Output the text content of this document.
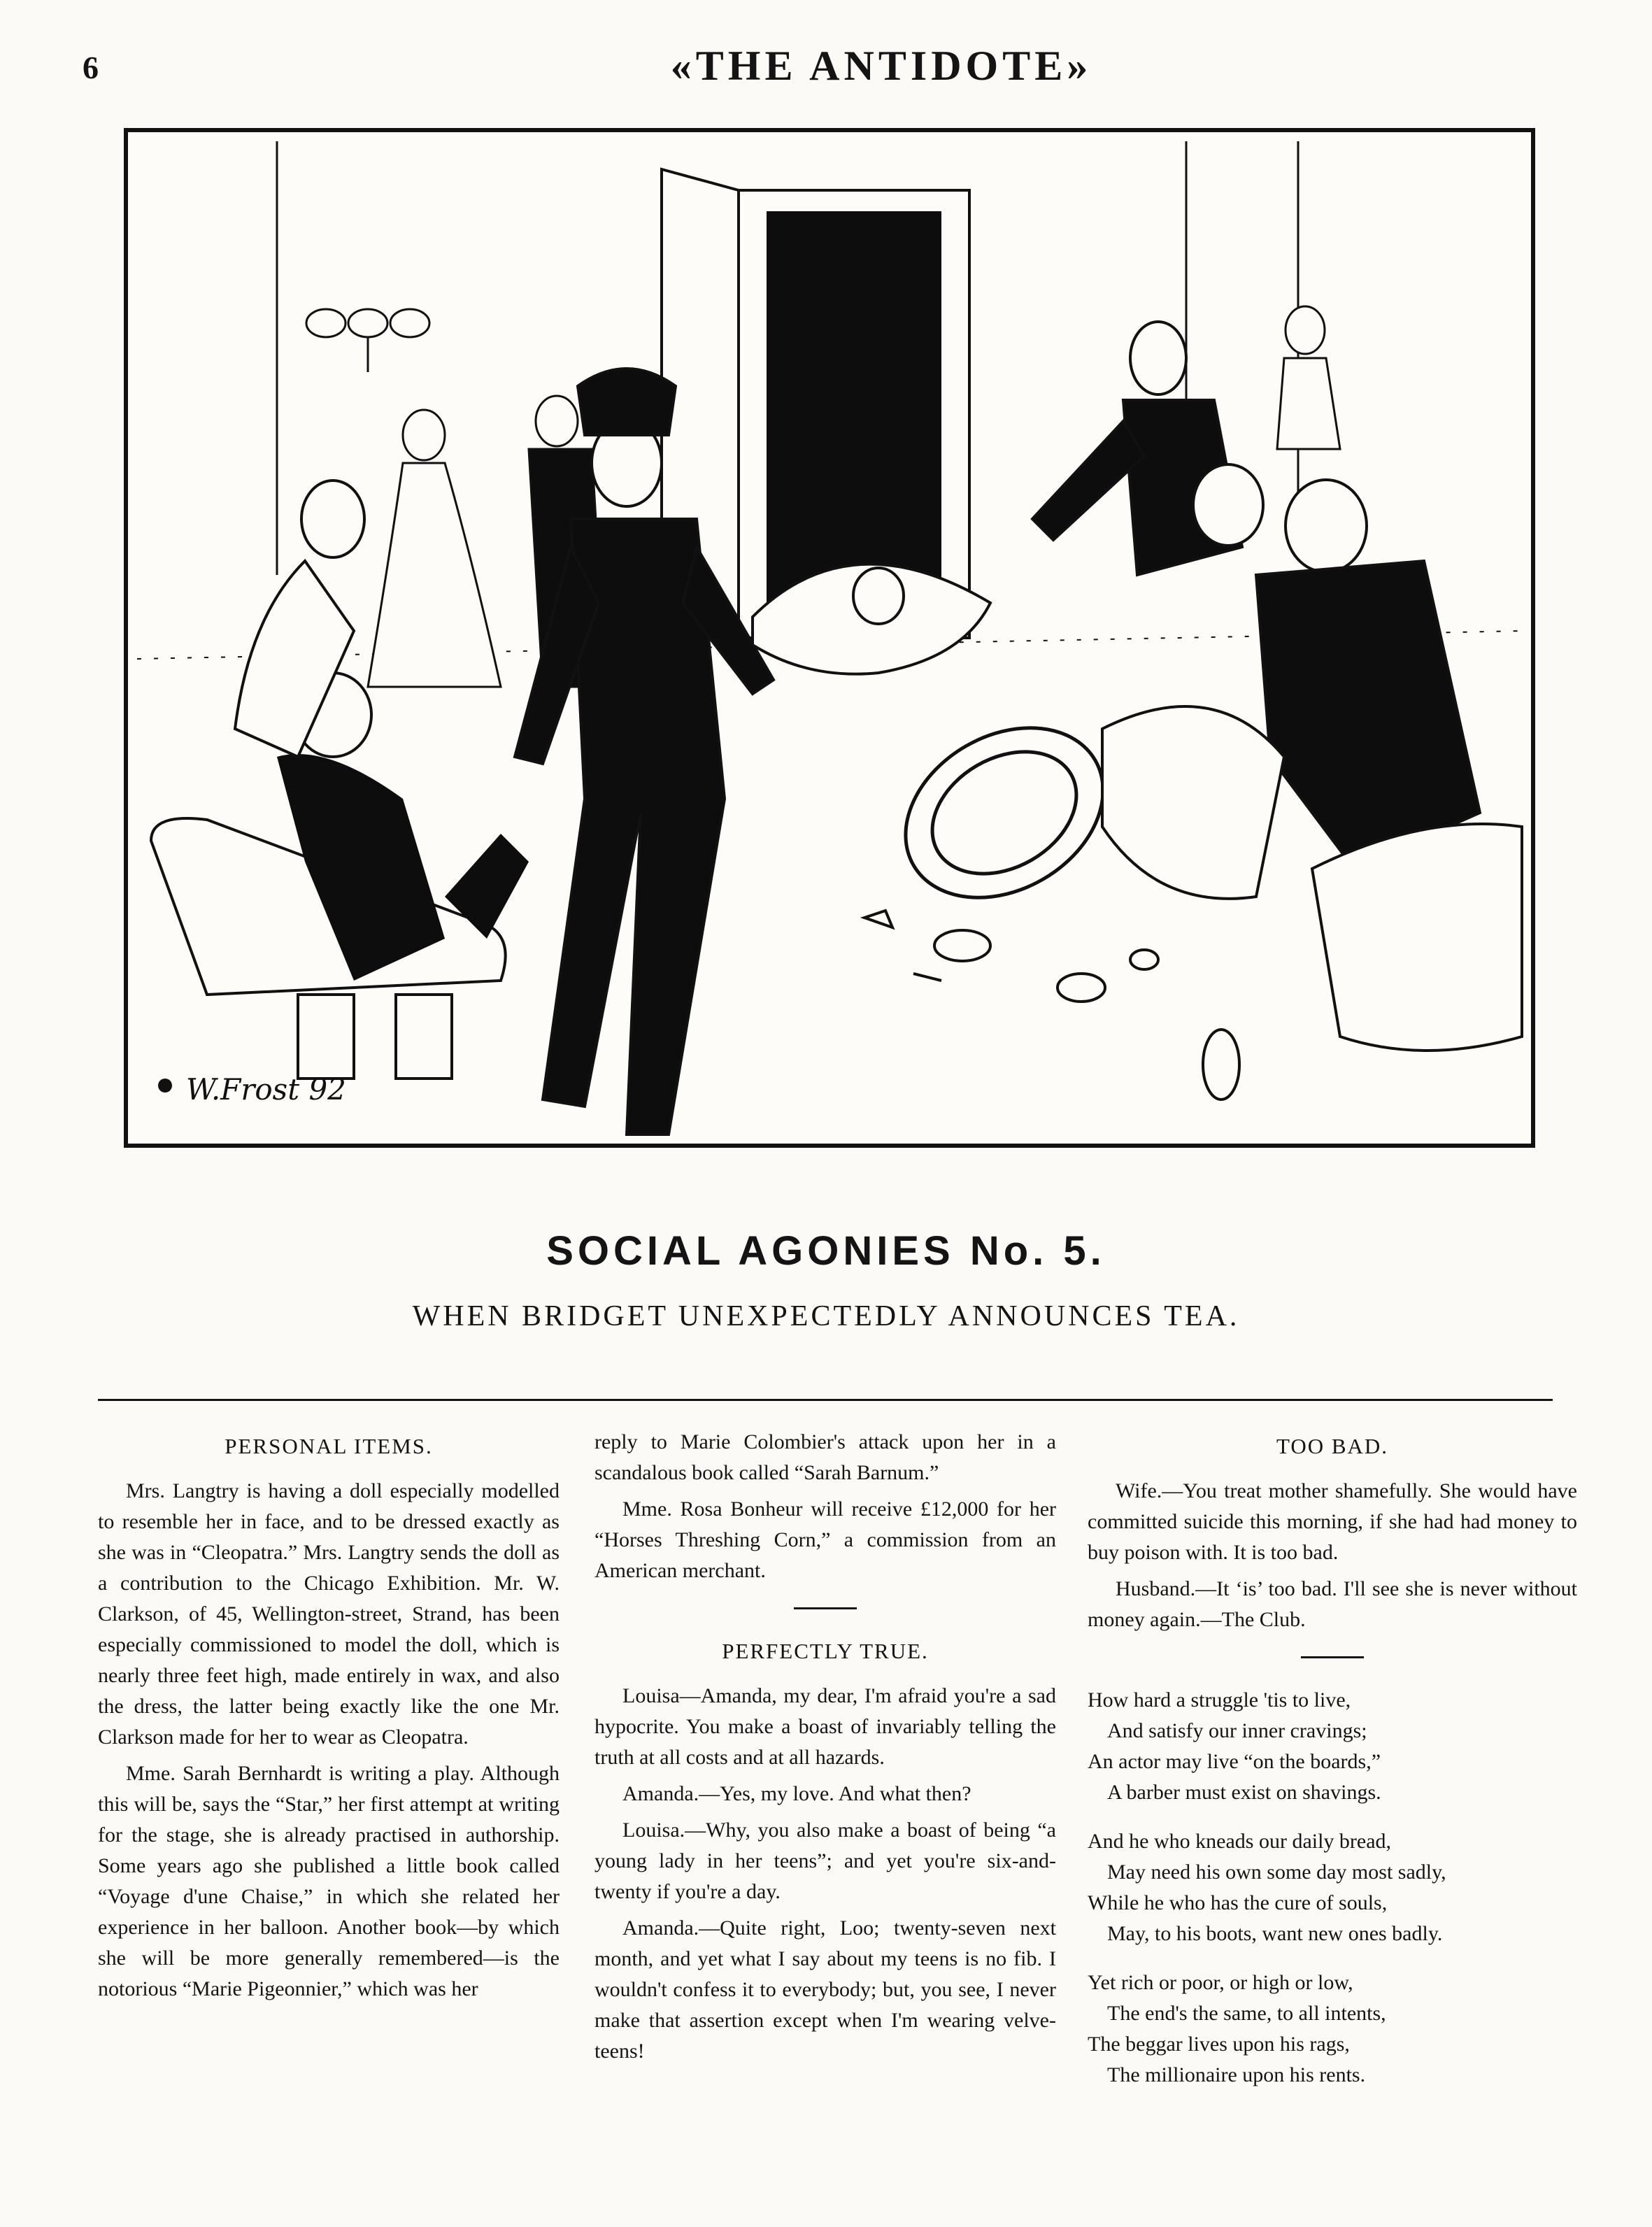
6	«THE ANTIDOTE»
W.Frost 92
SOCIAL AGONIES No. 5.
WHEN BRIDGET UNEXPECTEDLY ANNOUNCES TEA.
PERSONAL ITEMS.

Mrs. Langtry is having a doll especially modelled to resemble her in face, and to be dressed exactly as she was in “Cleopatra.” Mrs. Langtry sends the doll as a contribution to the Chicago Exhibition. Mr. W. Clarkson, of 45, Wellington-street, Strand, has been especially commissioned to model the doll, which is nearly three feet high, made entirely in wax, and also the dress, the latter being exactly like the one Mr. Clarkson made for her to wear as Cleopatra.

Mme. Sarah Bernhardt is writing a play. Although this will be, says the “Star,” her first attempt at writing for the stage, she is already practised in authorship. Some years ago she published a little book called “Voyage d'une Chaise,” in which she related her experience in her balloon. Another book—by which she will be more generally remembered—is the notorious “Marie Pigeonnier,” which was her

reply to Marie Colombier's attack upon her in a scandalous book called “Sarah Barnum.”

Mme. Rosa Bonheur will receive £12,000 for her “Horses Threshing Corn,” a commission from an American merchant.

PERFECTLY TRUE.

Louisa—Amanda, my dear, I'm afraid you're a sad hypocrite. You make a boast of invariably telling the truth at all costs and at all hazards.

Amanda.—Yes, my love. And what then?

Louisa.—Why, you also make a boast of being “a young lady in her teens”; and yet you're six-and-twenty if you're a day.

Amanda.—Quite right, Loo; twenty-seven next month, and yet what I say about my teens is no fib. I wouldn't confess it to everybody; but, you see, I never make that assertion except when I'm wearing velve-teens!

TOO BAD.

Wife.—You treat mother shamefully. She would have committed suicide this morning, if she had had money to buy poison with. It is too bad.

Husband.—It ‘is’ too bad. I'll see she is never without money again.—The Club.

How hard a struggle 'tis to live,
And satisfy our inner cravings;
An actor may live “on the boards,”
A barber must exist on shavings.
And he who kneads our daily bread,
May need his own some day most sadly,
While he who has the cure of souls,
May, to his boots, want new ones badly.
Yet rich or poor, or high or low,
The end's the same, to all intents,
The beggar lives upon his rags,
The millionaire upon his rents.
